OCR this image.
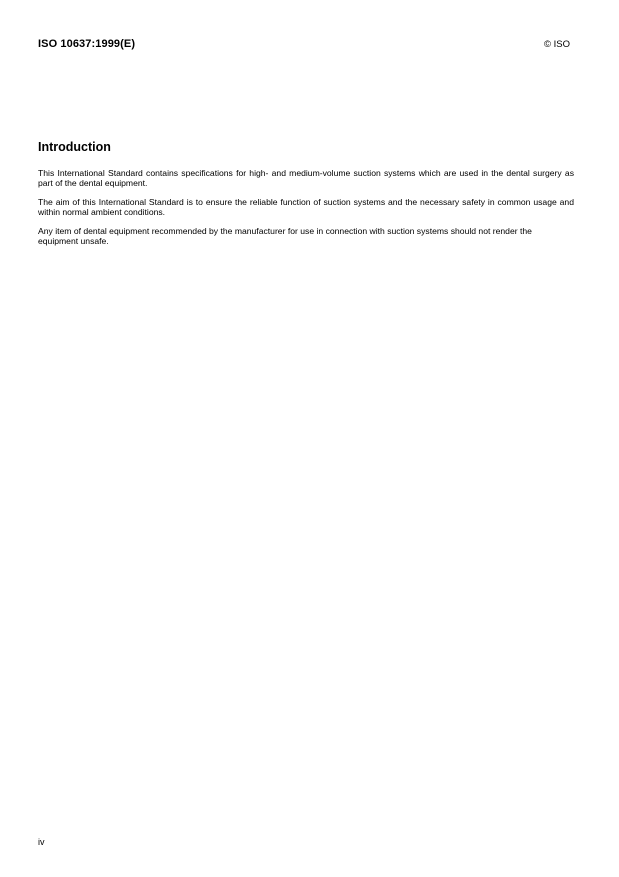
ISO 10637:1999(E)	© ISO
Introduction

This International Standard contains specifications for high- and medium-volume suction systems which are used in the dental surgery as part of the dental equipment.

The aim of this International Standard is to ensure the reliable function of suction systems and the necessary safety in common usage and within normal ambient conditions.

Any item of dental equipment recommended by the manufacturer for use in connection with suction systems should not render the equipment unsafe.

iv
